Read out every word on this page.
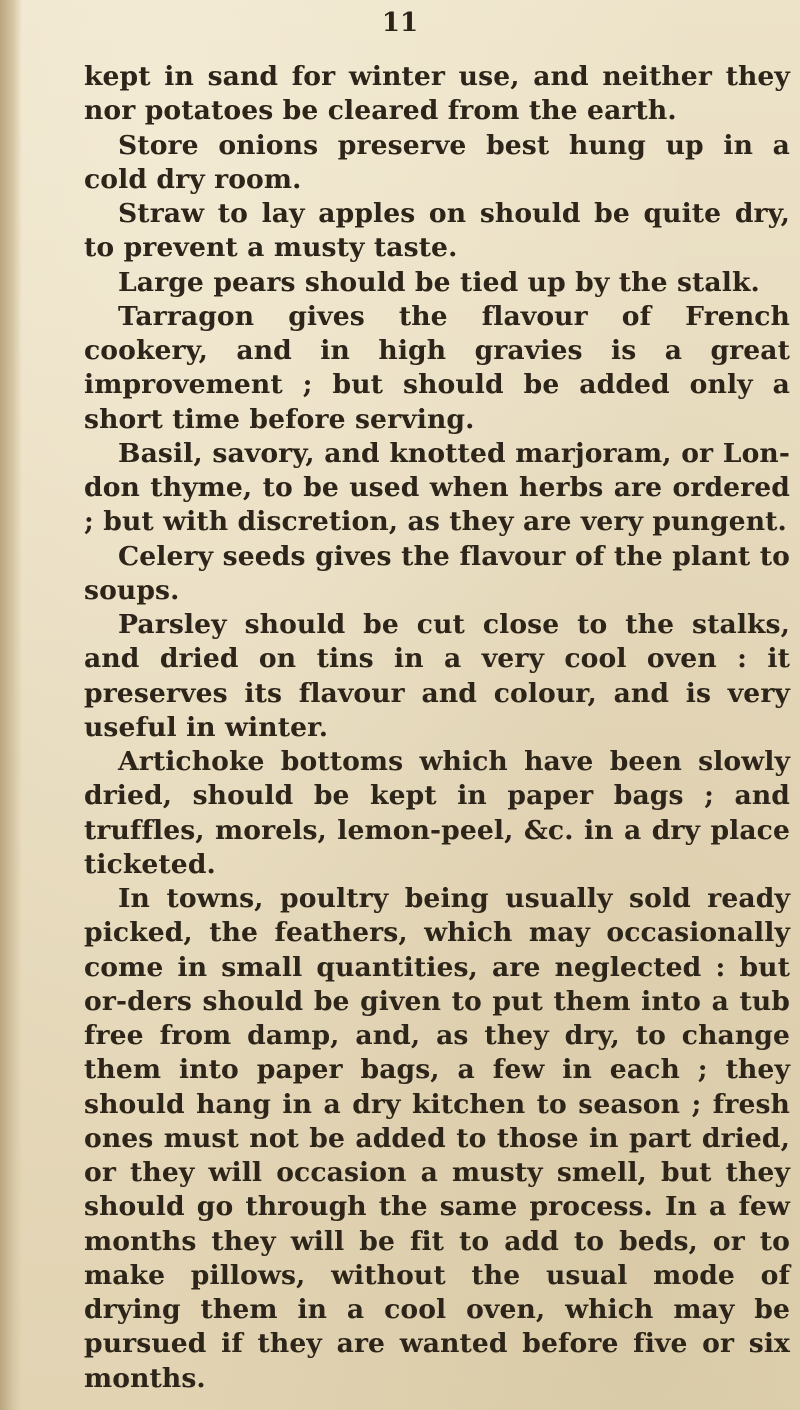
11

kept in sand for winter use, and neither they nor potatoes be cleared from the earth.

Store onions preserve best hung up in a cold dry room.

Straw to lay apples on should be quite dry, to prevent a musty taste.

Large pears should be tied up by the stalk.

Tarragon gives the flavour of French cookery, and in high gravies is a great improvement ; but should be added only a short time before serving.

Basil, savory, and knotted marjoram, or Lon-don thyme, to be used when herbs are ordered ; but with discretion, as they are very pungent.

Celery seeds gives the flavour of the plant to soups.

Parsley should be cut close to the stalks, and dried on tins in a very cool oven : it preserves its flavour and colour, and is very useful in winter.

Artichoke bottoms which have been slowly dried, should be kept in paper bags ; and truffles, morels, lemon-peel, &c. in a dry place ticketed.

In towns, poultry being usually sold ready picked, the feathers, which may occasionally come in small quantities, are neglected : but or-ders should be given to put them into a tub free from damp, and, as they dry, to change them into paper bags, a few in each ; they should hang in a dry kitchen to season ; fresh ones must not be added to those in part dried, or they will occasion a musty smell, but they should go through the same process. In a few months they will be fit to add to beds, or to make pillows, without the usual mode of drying them in a cool oven, which may be pursued if they are wanted before five or six months.
